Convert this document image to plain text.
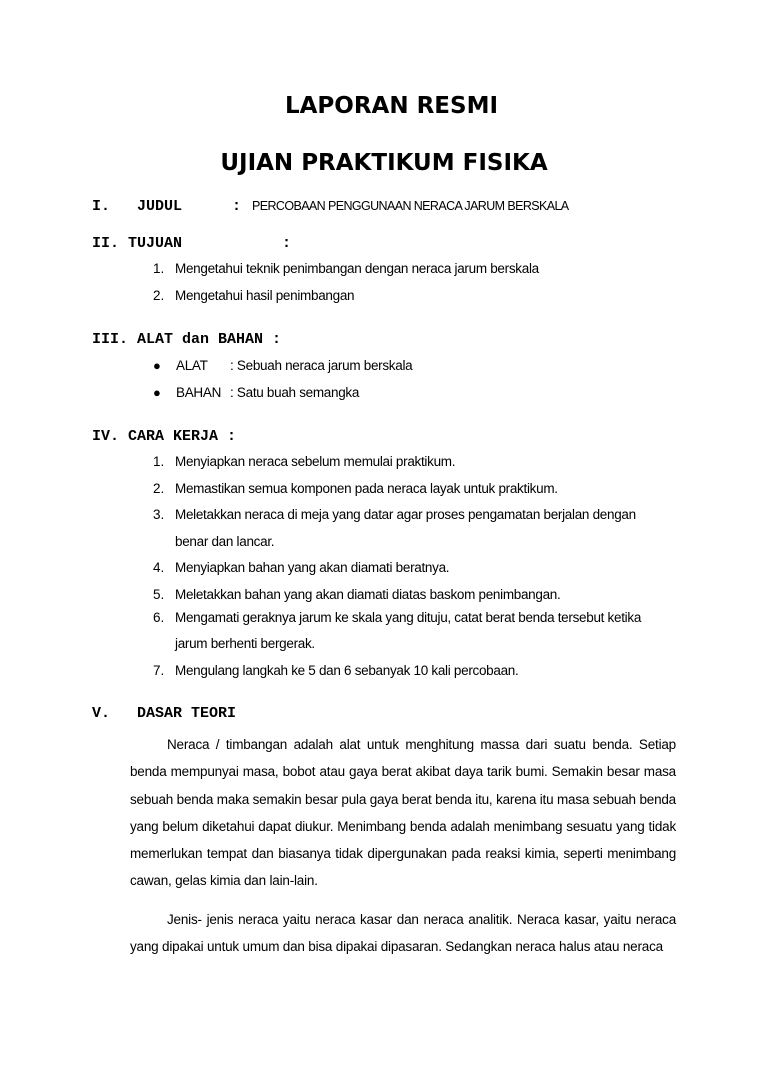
LAPORAN RESMI
UJIAN PRAKTIKUM FISIKA
I.   JUDUL	: PERCOBAAN PENGGUNAAN NERACA JARUM BERSKALA
II. TUJUAN	:
1. Mengetahui teknik penimbangan dengan neraca jarum berskala
2. Mengetahui hasil penimbangan
III. ALAT dan BAHAN :
● ALAT : Sebuah neraca jarum berskala
● BAHAN : Satu buah semangka
IV. CARA KERJA :
1. Menyiapkan neraca sebelum memulai praktikum.
2. Memastikan semua komponen pada neraca layak untuk praktikum.
3. Meletakkan neraca di meja yang datar agar proses pengamatan berjalan dengan
benar dan lancar.
4. Menyiapkan bahan yang akan diamati beratnya.
5. Meletakkan bahan yang akan diamati diatas baskom penimbangan.
6. Mengamati geraknya jarum ke skala yang dituju, catat berat benda tersebut ketika
jarum berhenti bergerak.
7. Mengulang langkah ke 5 dan 6 sebanyak 10 kali percobaan.
V.   DASAR TEORI
Neraca / timbangan adalah alat untuk menghitung massa dari suatu benda. Setiap benda mempunyai masa, bobot atau gaya berat akibat daya tarik bumi. Semakin besar masa sebuah benda maka semakin besar pula gaya berat benda itu, karena itu masa sebuah benda yang belum diketahui dapat diukur. Menimbang benda adalah menimbang sesuatu yang tidak memerlukan tempat dan biasanya tidak dipergunakan pada reaksi kimia, seperti menimbang cawan, gelas kimia dan lain-lain.
Jenis- jenis neraca yaitu neraca kasar dan neraca analitik. Neraca kasar, yaitu neraca yang dipakai untuk umum dan bisa dipakai dipasaran. Sedangkan neraca halus atau neraca
